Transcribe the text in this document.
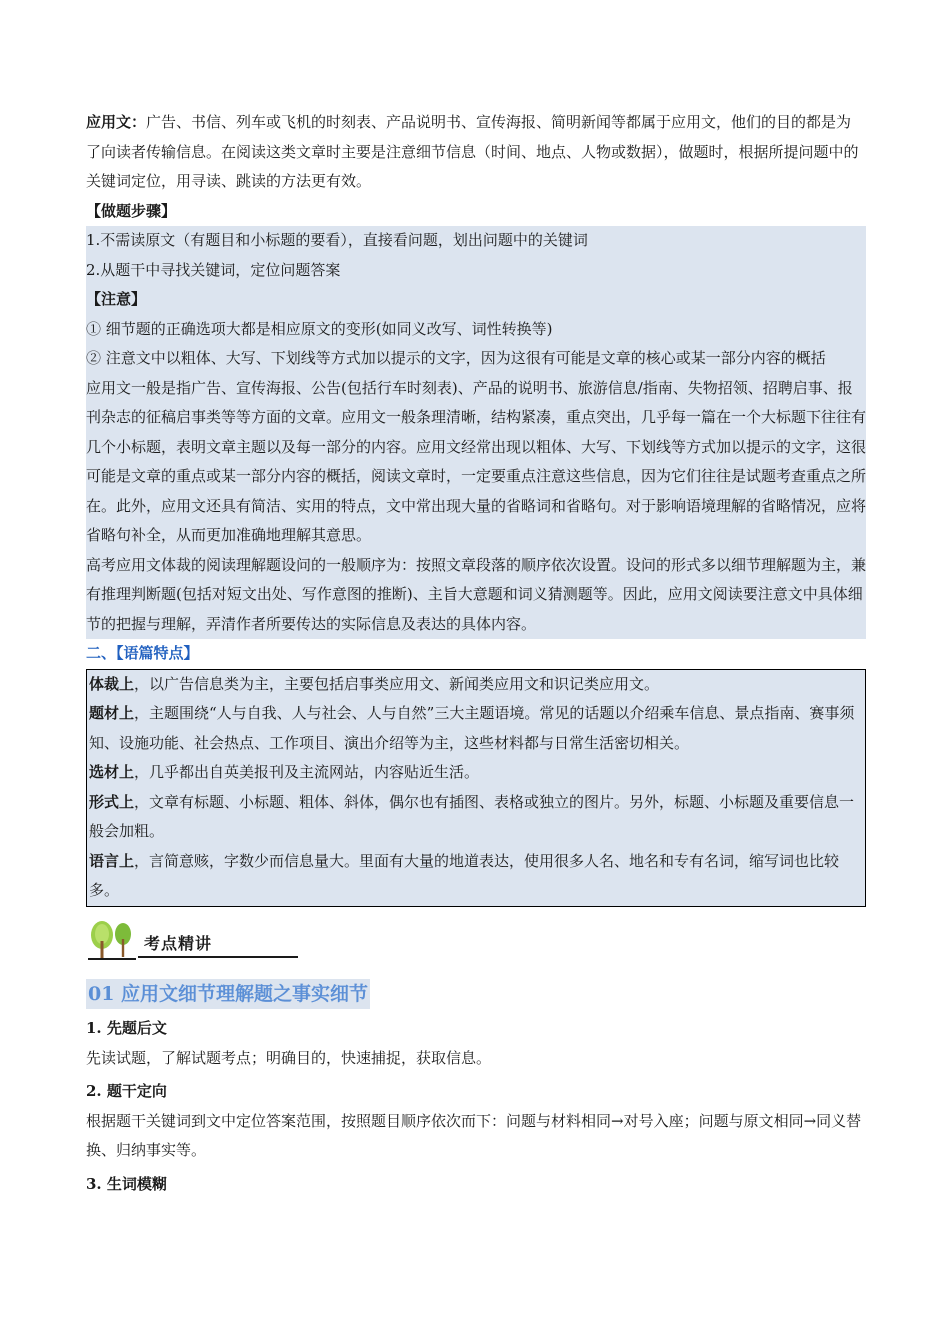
应用文：广告、书信、列车或飞机的时刻表、产品说明书、宣传海报、简明新闻等都属于应用文，他们的目的都是为了向读者传输信息。在阅读这类文章时主要是注意细节信息（时间、地点、人物或数据），做题时，根据所提问题中的关键词定位，用寻读、跳读的方法更有效。

【做题步骤】

1.不需读原文（有题目和小标题的要看），直接看问题，划出问题中的关键词

2.从题干中寻找关键词，定位问题答案

【注意】

① 细节题的正确选项大都是相应原文的变形(如同义改写、词性转换等)

② 注意文中以粗体、大写、下划线等方式加以提示的文字，因为这很有可能是文章的核心或某一部分内容的概括

应用文一般是指广告、宣传海报、公告(包括行车时刻表)、产品的说明书、旅游信息/指南、失物招领、招聘启事、报刊杂志的征稿启事类等等方面的文章。应用文一般条理清晰，结构紧凑，重点突出，几乎每一篇在一个大标题下往往有几个小标题，表明文章主题以及每一部分的内容。应用文经常出现以粗体、大写、下划线等方式加以提示的文字，这很可能是文章的重点或某一部分内容的概括，阅读文章时，一定要重点注意这些信息，因为它们往往是试题考查重点之所在。此外，应用文还具有简洁、实用的特点，文中常出现大量的省略词和省略句。对于影响语境理解的省略情况，应将省略句补全，从而更加准确地理解其意思。

高考应用文体裁的阅读理解题设问的一般顺序为：按照文章段落的顺序依次设置。设问的形式多以细节理解题为主，兼有推理判断题(包括对短文出处、写作意图的推断)、主旨大意题和词义猜测题等。因此，应用文阅读要注意文中具体细节的把握与理解，弄清作者所要传达的实际信息及表达的具体内容。

二、【语篇特点】

体裁上，以广告信息类为主，主要包括启事类应用文、新闻类应用文和识记类应用文。

题材上，主题围绕“人与自我、人与社会、人与自然”三大主题语境。常见的话题以介绍乘车信息、景点指南、赛事须知、设施功能、社会热点、工作项目、演出介绍等为主，这些材料都与日常生活密切相关。

选材上，几乎都出自英美报刊及主流网站，内容贴近生活。

形式上，文章有标题、小标题、粗体、斜体，偶尔也有插图、表格或独立的图片。另外，标题、小标题及重要信息一般会加粗。

语言上，言简意赅，字数少而信息量大。里面有大量的地道表达，使用很多人名、地名和专有名词，缩写词也比较多。

考点精讲
01 应用文细节理解题之事实细节

1. 先题后文

先读试题，了解试题考点；明确目的，快速捕捉，获取信息。

2. 题干定向

根据题干关键词到文中定位答案范围，按照题目顺序依次而下：问题与材料相同→对号入座；问题与原文相同→同义替换、归纳事实等。

3. 生词模糊
